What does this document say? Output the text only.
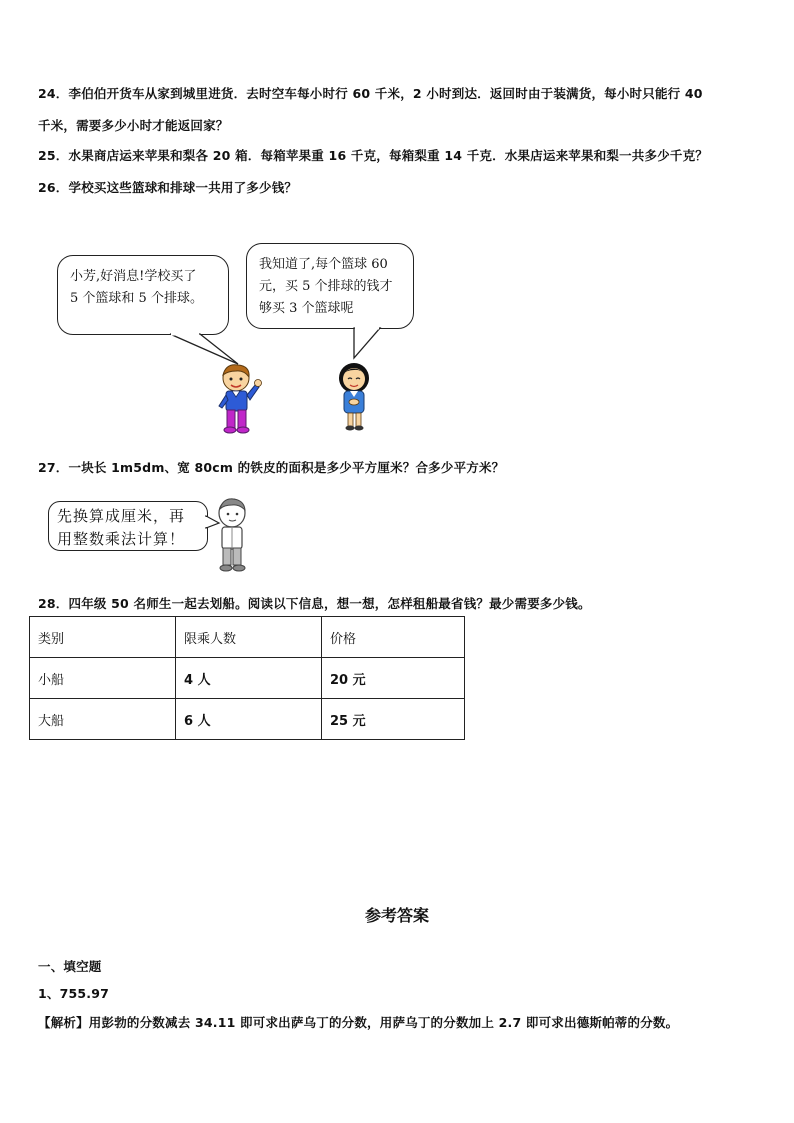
24．李伯伯开货车从家到城里进货．去时空车每小时行 60 千米，2 小时到达．返回时由于装满货，每小时只能行 40
千米，需要多少小时才能返回家？
25．水果商店运来苹果和梨各 20 箱．每箱苹果重 16 千克，每箱梨重 14 千克．水果店运来苹果和梨一共多少千克？
26．学校买这些篮球和排球一共用了多少钱？
小芳,好消息!学校买了
5 个篮球和 5 个排球。
我知道了,每个篮球 60
元，买 5 个排球的钱才
够买 3 个篮球呢
27．一块长 1m5dm、宽 80cm 的铁皮的面积是多少平方厘米？合多少平方米？
先换算成厘米，再
用整数乘法计算！
28．四年级 50 名师生一起去划船。阅读以下信息，想一想，怎样租船最省钱？最少需要多少钱。
类别	限乘人数	价格
小船	4 人	20 元
大船	6 人	25 元
参考答案
一、填空题
1、755.97
【解析】用彭勃的分数减去 34.11 即可求出萨乌丁的分数，用萨乌丁的分数加上 2.7 即可求出德斯帕蒂的分数。
